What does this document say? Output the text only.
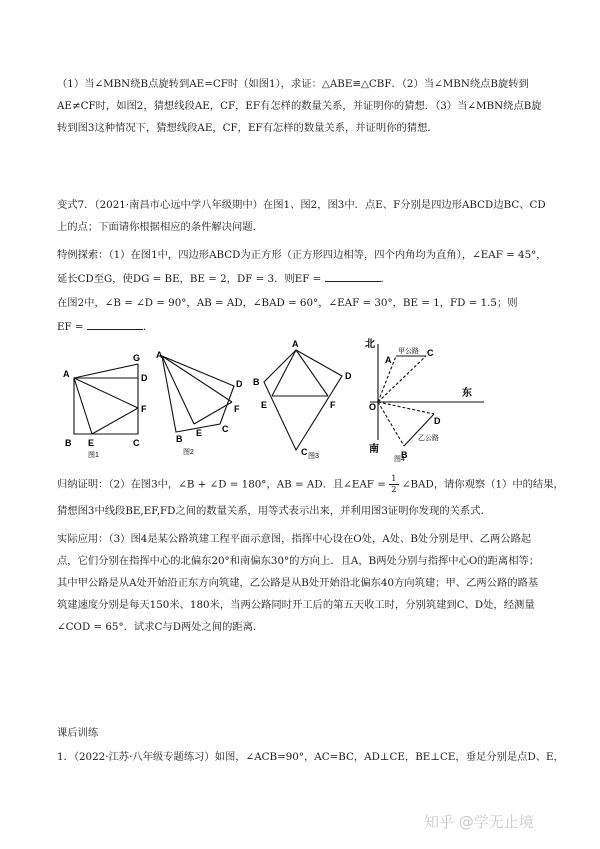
（1）当∠MBN绕B点旋转到AE=CF时（如图1），求证：△ABE≌△CBF．（2）当∠MBN绕点B旋转到AE≠CF时，如图2，猜想线段AE，CF，EF有怎样的数量关系，并证明你的猜想．（3）当∠MBN绕点B旋转到图3这种情况下，猜想线段AE，CF，EF有怎样的数量关系，并证明你的猜想．

变式7．（2021·南昌市心远中学八年级期中）在图1、图2，图3中．点E、F分别是四边形ABCD边BC、CD上的点；下面请你根据相应的条件解决问题．

特例探索：（1）在图1中，四边形ABCD为正方形（正方形四边相等，四个内角均为直角），∠EAF = 45°，

延长CD至G，使DG = BE，BE = 2，DF = 3．则EF =	．

在图2中，∠B = ∠D = 90°，AB = AD，∠BAD = 60°，∠EAF = 30°，BE = 1，FD = 1.5；则

EF =	．

A
G
D
F
B E	C
图1
A
D
F
C
E
B
图2
A
B
D
E	F
C 图3
北
甲公路
A
C
东
O
D
乙公路
南 B
图4

归纳证明：（2）在图3中，∠B + ∠D = 180°，AB = AD．且∠EAF = $\frac{1}{2}$ ∠BAD，请你观察（1）中的结果，

猜想图3中线段BE,EF,FD之间的数量关系，用等式表示出来，并利用图3证明你发现的关系式．

实际应用：（3）图4是某公路筑建工程平面示意图，指挥中心设在O处，A处、B处分别是甲、乙两公路起点，它们分别在指挥中心的北偏东20°和南偏东30°的方向上．且A，B两处分别与指挥中心O的距离相等；其中甲公路是从A处开始沿正东方向筑建，乙公路是从B处开始沿北偏东40方向筑建；甲、乙两公路的路基筑建速度分别是每天150米、180米，当两公路同时开工后的第五天收工时，分别筑建到C、D处，经测量∠COD = 65°．试求C与D两处之间的距离．

课后训练

1．（2022·江苏·八年级专题练习）如图，∠ACB=90°，AC=BC，AD⊥CE，BE⊥CE，垂足分别是点D、E，

知乎 @学无止境
